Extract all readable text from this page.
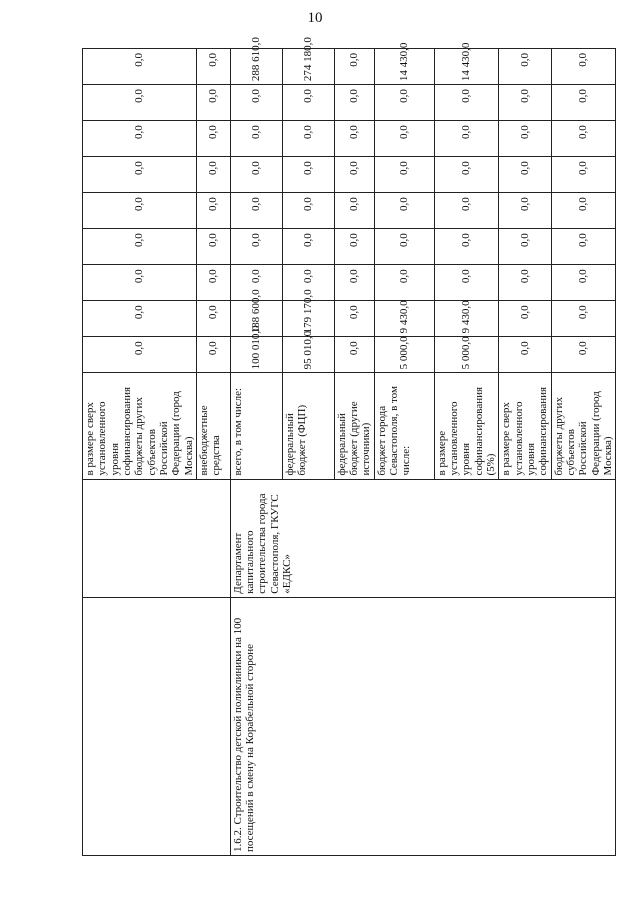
10
		в размере сверх установленного уровня софинансирования бюджеты других субъектов Российской Федерации (город Москва)	0,0	0,0	0,0	0,0	0,0	0,0	0,0	0,0	0,0
		внебюджетные средства	0,0	0,0	0,0	0,0	0,0	0,0	0,0	0,0	0,0
1.6.2. Строительство детской поликлиники на 100 посещений в смену на Корабельной стороне	Департамент капитального строительства города Севастополя, ГКУГС «ЕДКС»	всего, в том числе:	100 010,0	188 600,0	0,0	0,0	0,0	0,0	0,0	0,0	288 610,0
		федеральный бюджет (ФЦП)	95 010,0	179 170,0	0,0	0,0	0,0	0,0	0,0	0,0	274 180,0
		федеральный бюджет (другие источники)	0,0	0,0	0,0	0,0	0,0	0,0	0,0	0,0	0,0
		бюджет города Севастополя, в том числе:	5 000,0	9 430,0	0,0	0,0	0,0	0,0	0,0	0,0	14 430,0
		в размере установленного уровня софинансирования (5%)	5 000,0	9 430,0	0,0	0,0	0,0	0,0	0,0	0,0	14 430,0
		в размере сверх установленного уровня софинансирования	0,0	0,0	0,0	0,0	0,0	0,0	0,0	0,0	0,0
		бюджеты других субъектов Российской Федерации (город Москва)	0,0	0,0	0,0	0,0	0,0	0,0	0,0	0,0	0,0
